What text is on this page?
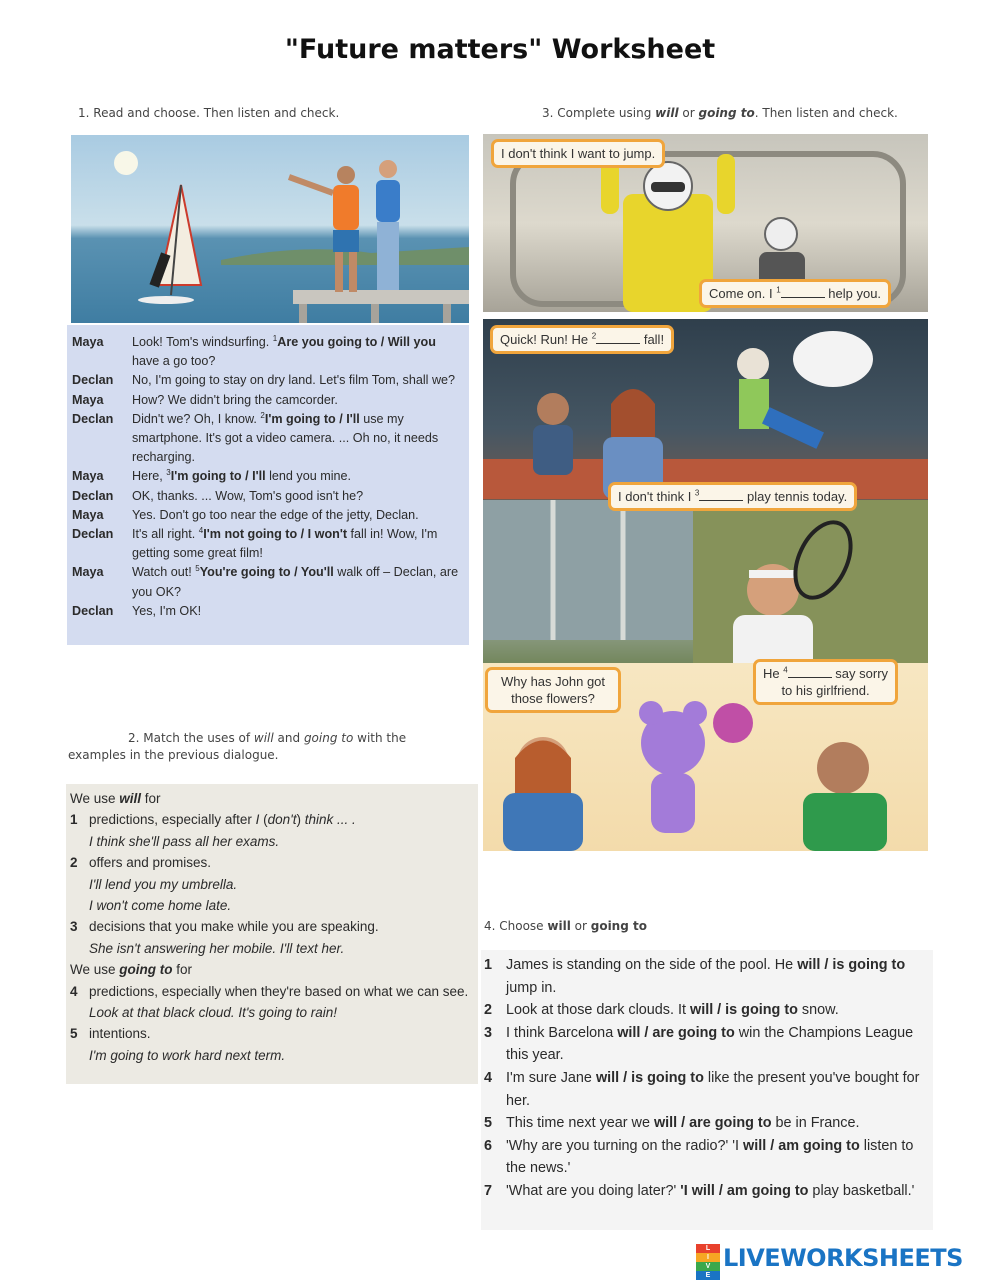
"Future matters" Worksheet
1. Read and choose. Then listen and check.
Maya	Look! Tom's windsurfing. $^1$Are you going to / Will you have a go too?
Declan	No, I'm going to stay on dry land. Let's film Tom, shall we?
Maya	How? We didn't bring the camcorder.
Declan	Didn't we? Oh, I know. $^2$I'm going to / I'll use my smartphone. It's got a video camera. ... Oh no, it needs recharging.
Maya	Here, $^3$I'm going to / I'll lend you mine.
Declan	OK, thanks. ... Wow, Tom's good isn't he?
Maya	Yes. Don't go too near the edge of the jetty, Declan.
Declan	It's all right. $^4$I'm not going to / I won't fall in! Wow, I'm getting some great film!
Maya	Watch out! $^5$You're going to / You'll walk off – Declan, are you OK?
Declan	Yes, I'm OK!
2. Match the uses of will and going to with the
examples in the previous dialogue.
We use will for
1 predictions, especially after I (don't) think ... .
I think she'll pass all her exams.
2 offers and promises.
I'll lend you my umbrella.
I won't come home late.
3 decisions that you make while you are speaking.
She isn't answering her mobile. I'll text her.
We use going to for
4 predictions, especially when they're based on what we can see.
Look at that black cloud. It's going to rain!
5 intentions.
I'm going to work hard next term.
3. Complete using will or going to. Then listen and check.
I don't think I want to jump.
Come on. I $^1$	help you.
Quick! Run! He $^2$	fall!
I don't think I $^3$	play tennis today.
Why has John got
those flowers?
He $^4$	say sorry
to his girlfriend.
4. Choose will or going to
1 James is standing on the side of the pool. He will / is going to jump in.
2 Look at those dark clouds. It will / is going to snow.
3 I think Barcelona will / are going to win the Champions League this year.
4 I'm sure Jane will / is going to like the present you've bought for her.
5 This time next year we will / are going to be in France.
6 'Why are you turning on the radio?' 'I will / am going to listen to the news.'
7 'What are you doing later?' 'I will / am going to play basketball.'
L
I
V
E
LIVEWORKSHEETS
